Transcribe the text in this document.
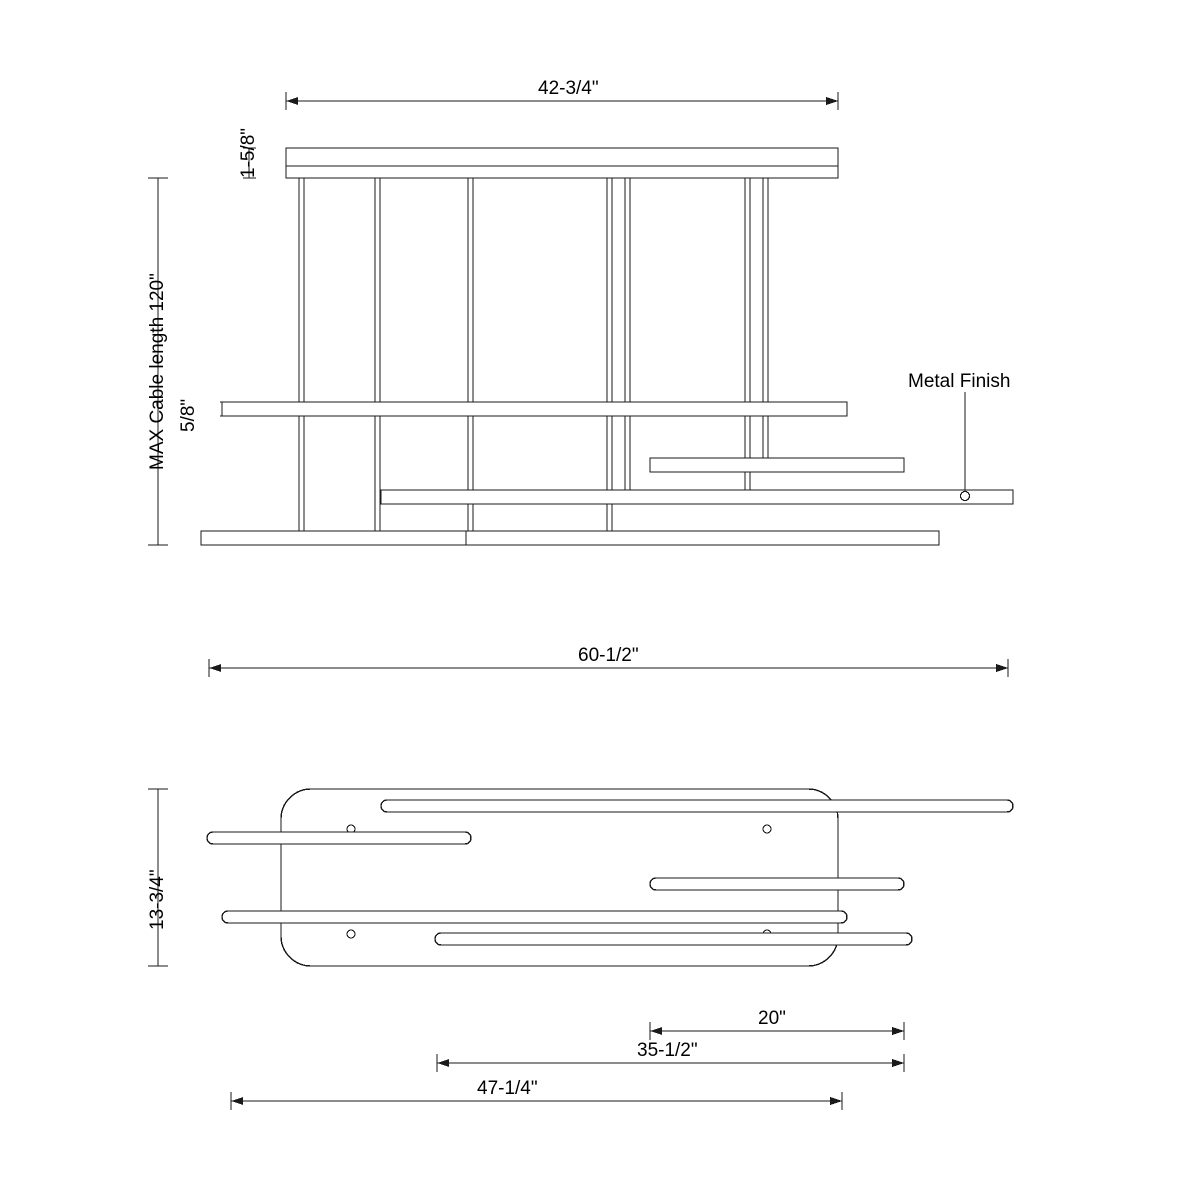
42-3/4"
1-5/8"
MAX Cable length 120" 5/8"
Metal Finish
60-1/2"
13-3/4"
20"
35-1/2"
47-1/4"
